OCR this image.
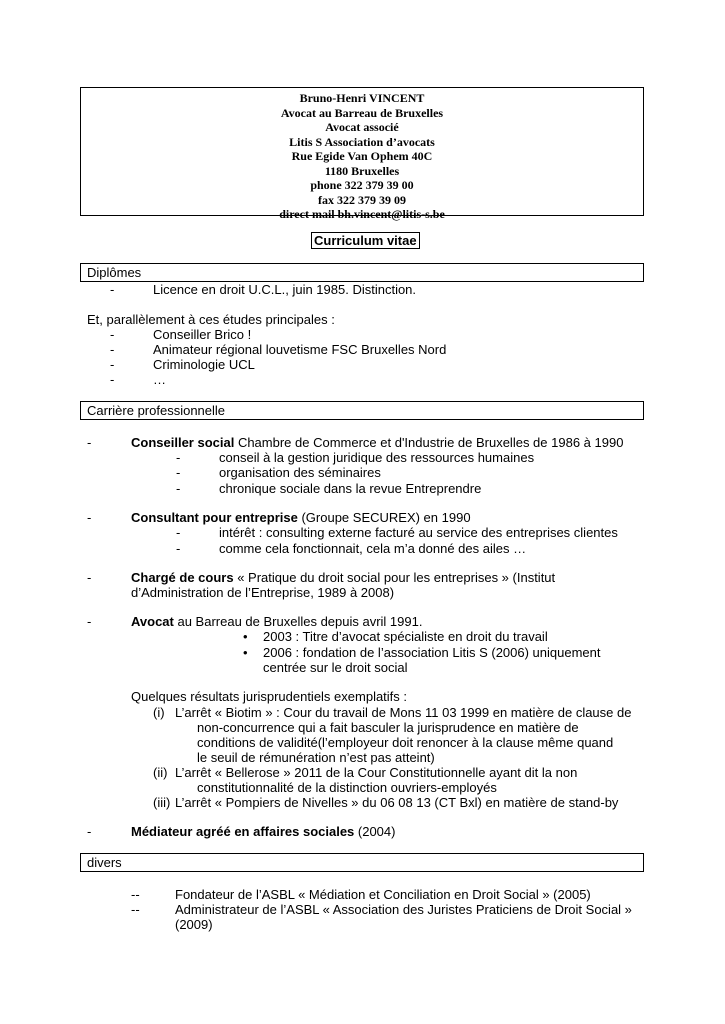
Bruno-Henri VINCENT
Avocat au Barreau de Bruxelles
Avocat associé
Litis S Association d’avocats
Rue Egide Van Ophem 40C
1180 Bruxelles
phone 322 379 39 00
fax 322 379 39 09
direct mail bh.vincent@litis-s.be
Curriculum vitae
Diplômes
-	Licence en droit U.C.L., juin 1985. Distinction.
Et, parallèlement à ces études principales :
-	Conseiller Brico !
-	Animateur régional louvetisme FSC Bruxelles Nord
-	Criminologie UCL
-	…
Carrière professionnelle
-	Conseiller social Chambre de Commerce et d'Industrie de Bruxelles de 1986 à 1990
-	conseil à la gestion juridique des ressources humaines
-	organisation des séminaires
-	chronique sociale dans la revue Entreprendre
-	Consultant pour entreprise (Groupe SECUREX) en 1990
-	intérêt : consulting externe facturé au service des entreprises clientes
-	comme cela fonctionnait, cela m’a donné des ailes …
-	Chargé de cours « Pratique du droit social pour les entreprises » (Institut
d’Administration de l’Entreprise, 1989 à 2008)
-	Avocat au Barreau de Bruxelles depuis avril 1991.
• 2003 : Titre d’avocat spécialiste en droit du travail
• 2006 : fondation de l’association Litis S (2006) uniquement
centrée sur le droit social
Quelques résultats jurisprudentiels exemplatifs :
(i) L’arrêt « Biotim » : Cour du travail de Mons 11 03 1999 en matière de clause de
non-concurrence qui a fait basculer la jurisprudence en matière de
conditions de validité(l’employeur doit renoncer à la clause même quand
le seuil de rémunération n’est pas atteint)
(ii) L’arrêt « Bellerose » 2011 de la Cour Constitutionnelle ayant dit la non
constitutionnalité de la distinction ouvriers-employés
(iii) L’arrêt « Pompiers de Nivelles » du 06 08 13 (CT Bxl) en matière de stand-by
-	Médiateur agréé en affaires sociales (2004)
divers
--	Fondateur de l’ASBL « Médiation et Conciliation en Droit Social » (2005)
--	Administrateur de l’ASBL « Association des Juristes Praticiens de Droit Social »
(2009)
